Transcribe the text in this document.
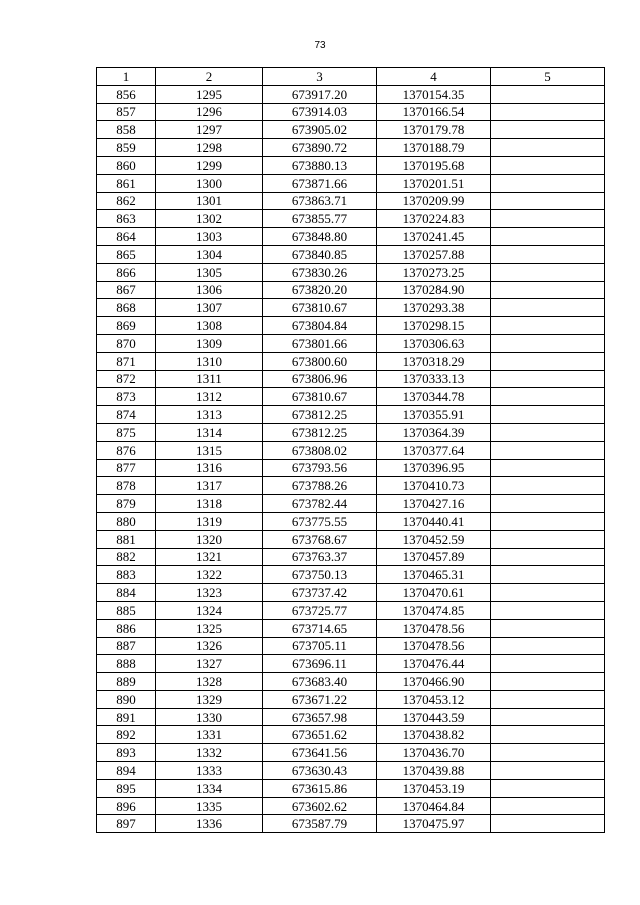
73
1	2	3	4	5
856	1295	673917.20	1370154.35	
857	1296	673914.03	1370166.54	
858	1297	673905.02	1370179.78	
859	1298	673890.72	1370188.79	
860	1299	673880.13	1370195.68	
861	1300	673871.66	1370201.51	
862	1301	673863.71	1370209.99	
863	1302	673855.77	1370224.83	
864	1303	673848.80	1370241.45	
865	1304	673840.85	1370257.88	
866	1305	673830.26	1370273.25	
867	1306	673820.20	1370284.90	
868	1307	673810.67	1370293.38	
869	1308	673804.84	1370298.15	
870	1309	673801.66	1370306.63	
871	1310	673800.60	1370318.29	
872	1311	673806.96	1370333.13	
873	1312	673810.67	1370344.78	
874	1313	673812.25	1370355.91	
875	1314	673812.25	1370364.39	
876	1315	673808.02	1370377.64	
877	1316	673793.56	1370396.95	
878	1317	673788.26	1370410.73	
879	1318	673782.44	1370427.16	
880	1319	673775.55	1370440.41	
881	1320	673768.67	1370452.59	
882	1321	673763.37	1370457.89	
883	1322	673750.13	1370465.31	
884	1323	673737.42	1370470.61	
885	1324	673725.77	1370474.85	
886	1325	673714.65	1370478.56	
887	1326	673705.11	1370478.56	
888	1327	673696.11	1370476.44	
889	1328	673683.40	1370466.90	
890	1329	673671.22	1370453.12	
891	1330	673657.98	1370443.59	
892	1331	673651.62	1370438.82	
893	1332	673641.56	1370436.70	
894	1333	673630.43	1370439.88	
895	1334	673615.86	1370453.19	
896	1335	673602.62	1370464.84	
897	1336	673587.79	1370475.97	
